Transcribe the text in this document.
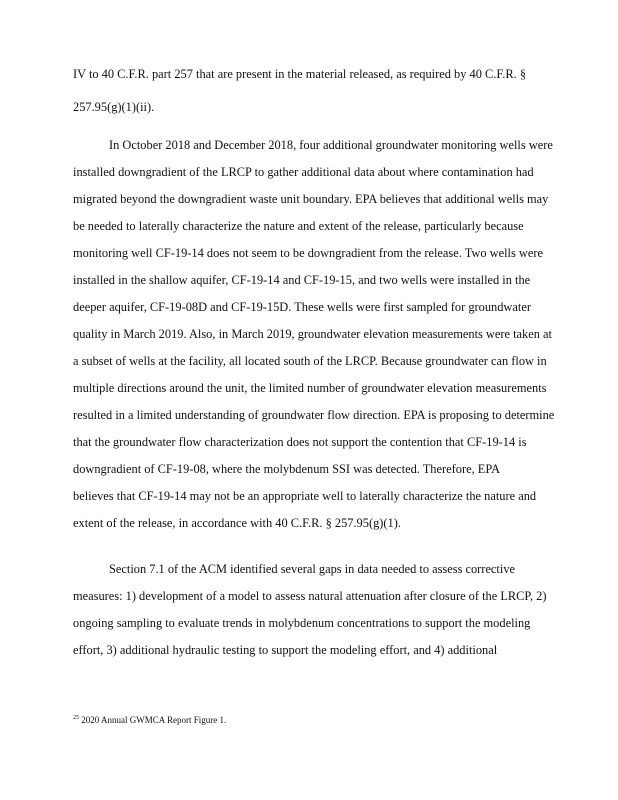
IV to 40 C.F.R. part 257 that are present in the material released, as required by 40 C.F.R. §
257.95(g)(1)(ii).
In October 2018 and December 2018, four additional groundwater monitoring wells were
installed downgradient of the LRCP to gather additional data about where contamination had
migrated beyond the downgradient waste unit boundary. EPA believes that additional wells may
be needed to laterally characterize the nature and extent of the release, particularly because
monitoring well CF-19-14 does not seem to be downgradient from the release. Two wells were
installed in the shallow aquifer, CF-19-14 and CF-19-15, and two wells were installed in the
deeper aquifer, CF-19-08D and CF-19-15D. These wells were first sampled for groundwater
quality in March 2019. Also, in March 2019, groundwater elevation measurements were taken at
a subset of wells at the facility, all located south of the LRCP. Because groundwater can flow in
multiple directions around the unit, the limited number of groundwater elevation measurements
resulted in a limited understanding of groundwater flow direction. EPA is proposing to determine
that the groundwater flow characterization does not support the contention that CF-19-14 is
downgradient of CF-19-08, where the molybdenum SSI was detected. Therefore, EPA
believes that CF-19-14 may not be an appropriate well to laterally characterize the nature and
extent of the release, in accordance with 40 C.F.R. § 257.95(g)(1).
Section 7.1 of the ACM identified several gaps in data needed to assess corrective
measures: 1) development of a model to assess natural attenuation after closure of the LRCP, 2)
ongoing sampling to evaluate trends in molybdenum concentrations to support the modeling
effort, 3) additional hydraulic testing to support the modeling effort, and 4) additional
$^{25}$ 2020 Annual GWMCA Report Figure 1.
